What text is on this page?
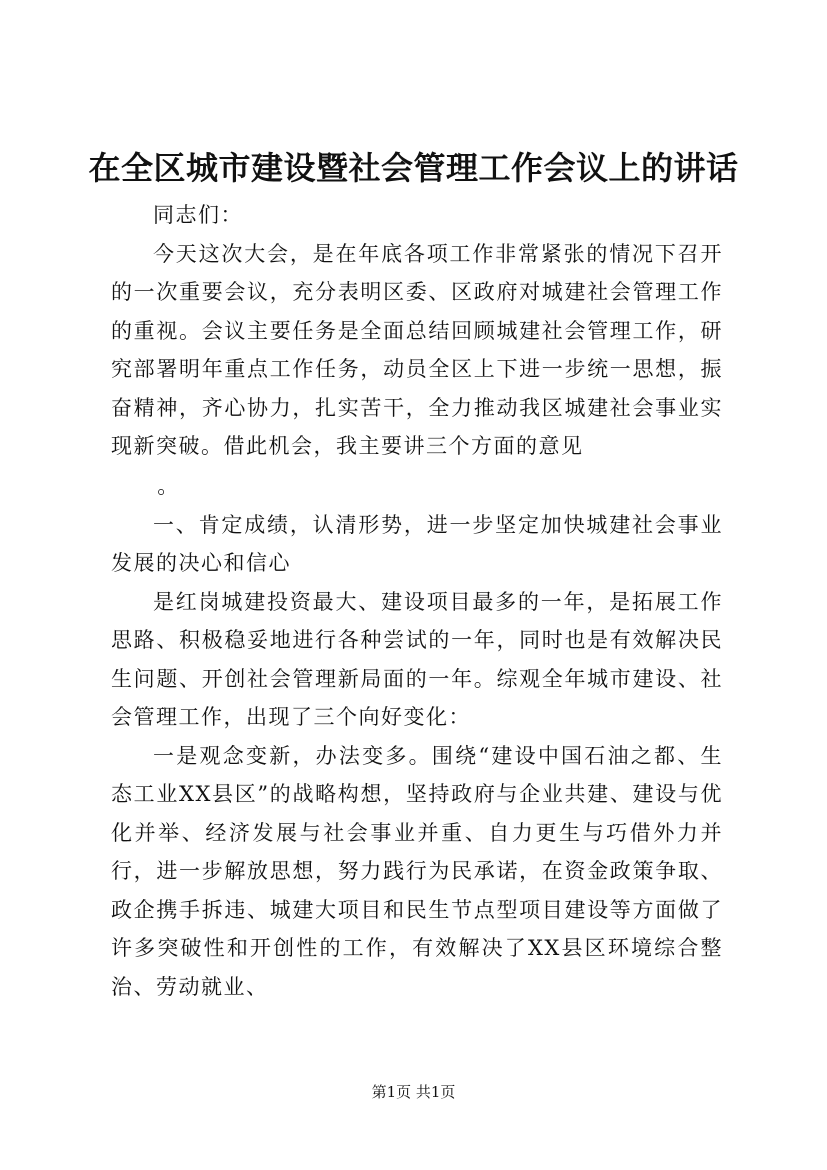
在全区城市建设暨社会管理工作会议上的讲话

同志们：

今天这次大会，是在年底各项工作非常紧张的情况下召开的一次重要会议，充分表明区委、区政府对城建社会管理工作的重视。会议主要任务是全面总结回顾城建社会管理工作，研究部署明年重点工作任务，动员全区上下进一步统一思想，振奋精神，齐心协力，扎实苦干，全力推动我区城建社会事业实现新突破。借此机会，我主要讲三个方面的意见

。

一、肯定成绩，认清形势，进一步坚定加快城建社会事业发展的决心和信心

是红岗城建投资最大、建设项目最多的一年，是拓展工作思路、积极稳妥地进行各种尝试的一年，同时也是有效解决民生问题、开创社会管理新局面的一年。综观全年城市建设、社会管理工作，出现了三个向好变化：

一是观念变新，办法变多。围绕“建设中国石油之都、生态工业XX县区”的战略构想，坚持政府与企业共建、建设与优化并举、经济发展与社会事业并重、自力更生与巧借外力并行，进一步解放思想，努力践行为民承诺，在资金政策争取、政企携手拆违、城建大项目和民生节点型项目建设等方面做了许多突破性和开创性的工作，有效解决了XX县区环境综合整治、劳动就业、

第1页 共1页
